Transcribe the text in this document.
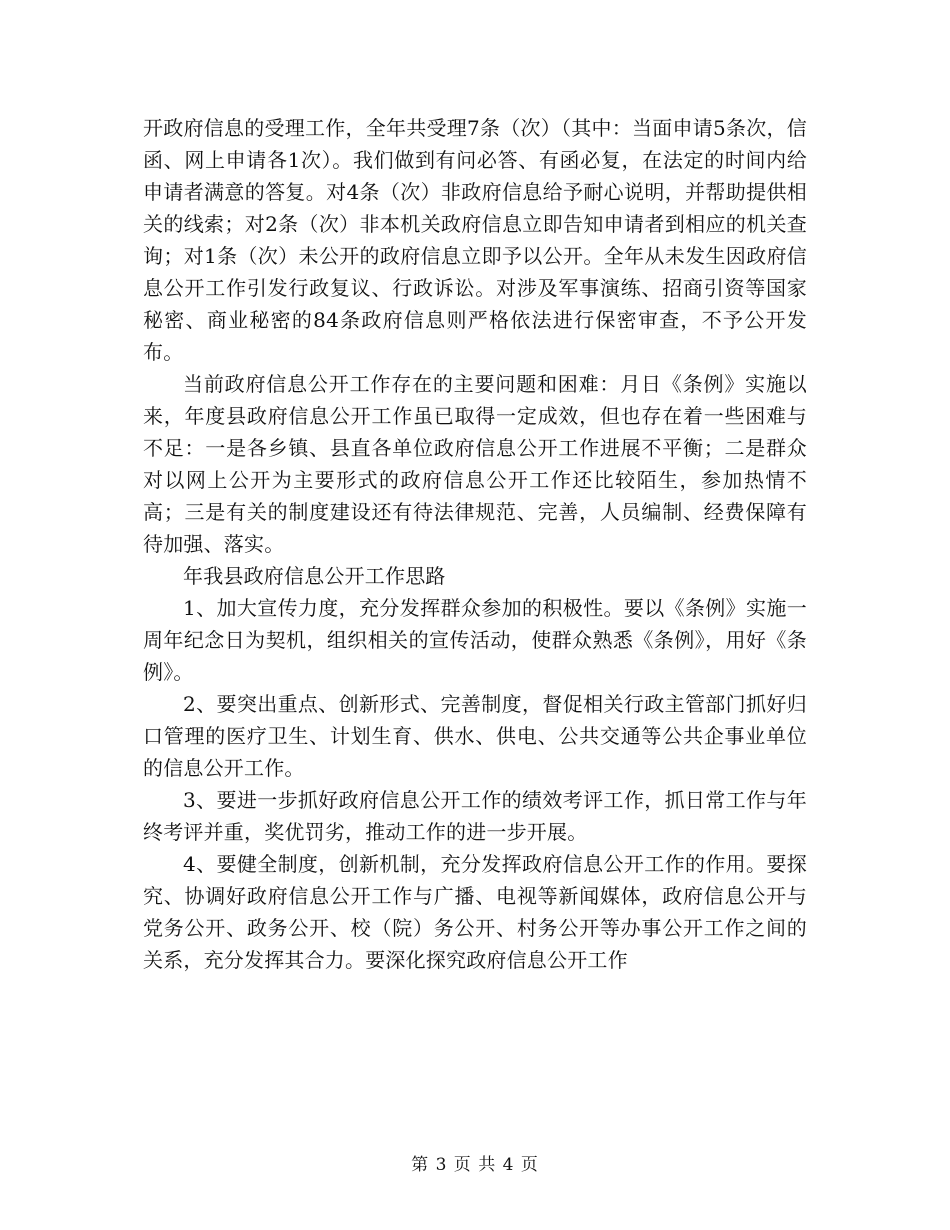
开政府信息的受理工作，全年共受理7条（次）（其中：当面申请5条次，信函、网上申请各1次）。我们做到有问必答、有函必复，在法定的时间内给申请者满意的答复。对4条（次）非政府信息给予耐心说明，并帮助提供相关的线索；对2条（次）非本机关政府信息立即告知申请者到相应的机关查询；对1条（次）未公开的政府信息立即予以公开。全年从未发生因政府信息公开工作引发行政复议、行政诉讼。对涉及军事演练、招商引资等国家秘密、商业秘密的84条政府信息则严格依法进行保密审查，不予公开发布。

当前政府信息公开工作存在的主要问题和困难：月日《条例》实施以来，年度县政府信息公开工作虽已取得一定成效，但也存在着一些困难与不足：一是各乡镇、县直各单位政府信息公开工作进展不平衡；二是群众对以网上公开为主要形式的政府信息公开工作还比较陌生，参加热情不高；三是有关的制度建设还有待法律规范、完善，人员编制、经费保障有待加强、落实。

年我县政府信息公开工作思路

1、加大宣传力度，充分发挥群众参加的积极性。要以《条例》实施一周年纪念日为契机，组织相关的宣传活动，使群众熟悉《条例》，用好《条例》。

2、要突出重点、创新形式、完善制度，督促相关行政主管部门抓好归口管理的医疗卫生、计划生育、供水、供电、公共交通等公共企事业单位的信息公开工作。

3、要进一步抓好政府信息公开工作的绩效考评工作，抓日常工作与年终考评并重，奖优罚劣，推动工作的进一步开展。

4、要健全制度，创新机制，充分发挥政府信息公开工作的作用。要探究、协调好政府信息公开工作与广播、电视等新闻媒体，政府信息公开与党务公开、政务公开、校（院）务公开、村务公开等办事公开工作之间的关系，充分发挥其合力。要深化探究政府信息公开工作

第 3 页 共 4 页
